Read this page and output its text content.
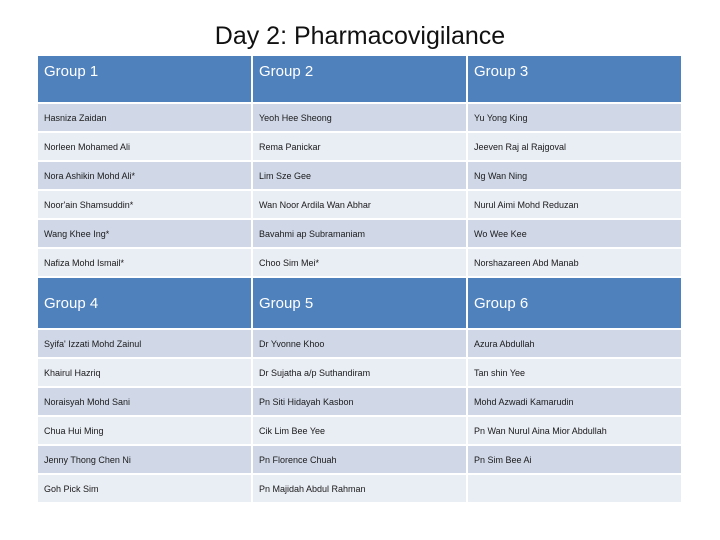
Day 2: Pharmacovigilance
Group 1	Group 2	Group 3
Hasniza Zaidan	Yeoh Hee Sheong	Yu Yong King
Norleen Mohamed Ali	Rema Panickar	Jeeven Raj al Rajgoval
Nora Ashikin Mohd Ali*	Lim Sze Gee	Ng Wan Ning
Noor'ain Shamsuddin*	Wan Noor Ardila Wan Abhar	Nurul Aimi Mohd Reduzan
Wang Khee Ing*	Bavahmi ap Subramaniam	Wo Wee Kee
Nafiza Mohd Ismail*	Choo Sim Mei*	Norshazareen Abd Manab
Group 4	Group 5	Group 6
Syifa' Izzati Mohd Zainul	Dr Yvonne Khoo	Azura Abdullah
Khairul Hazriq	Dr Sujatha a/p Suthandiram	Tan shin Yee
Noraisyah Mohd Sani	Pn Siti Hidayah Kasbon	Mohd Azwadi Kamarudin
Chua Hui Ming	Cik Lim Bee Yee	Pn Wan Nurul Aina Mior Abdullah
Jenny Thong Chen Ni	Pn Florence Chuah	Pn Sim Bee Ai
Goh Pick Sim	Pn Majidah Abdul Rahman	
